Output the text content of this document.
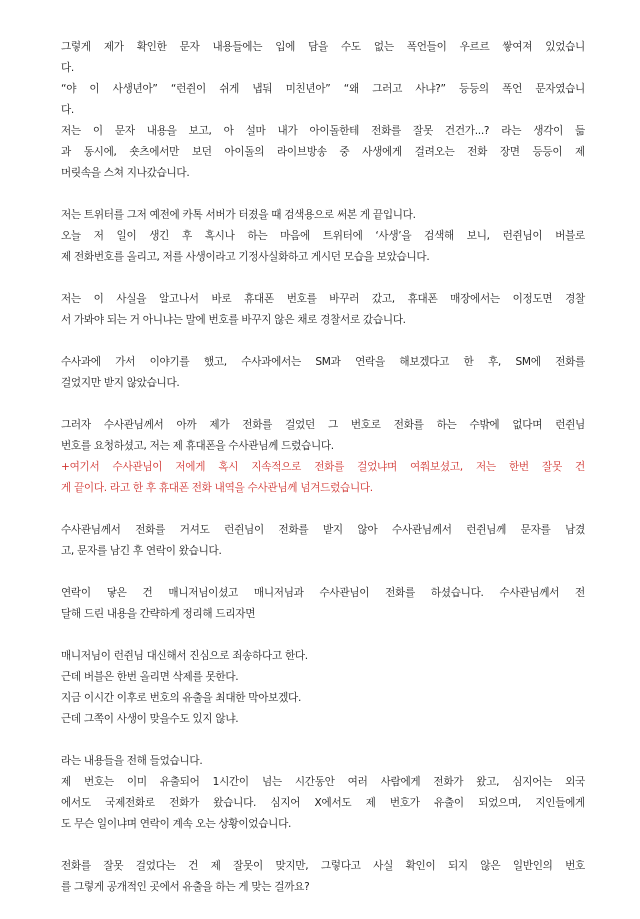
그렇게 제가 확인한 문자 내용들에는 입에 담을 수도 없는 폭언들이 우르르 쌓여져 있었습니
다.
“야 이 사생년아” “런쥔이 쉬게 냅둬 미친년아” “왜 그러고 사냐?” 등등의 폭언 문자였습니
다.
저는 이 문자 내용을 보고, 아 설마 내가 아이돌한테 전화를 잘못 건건가...? 라는 생각이 듦
과 동시에, 숏츠에서만 보던 아이돌의 라이브방송 중 사생에게 걸려오는 전화 장면 등등이 제
머릿속을 스쳐 지나갔습니다.
저는 트위터를 그저 예전에 카톡 서버가 터졌을 때 검색용으로 써본 게 끝입니다.
오늘 저 일이 생긴 후 혹시나 하는 마음에 트위터에 ‘사생’을 검색해 보니, 런쥔님이 버블로
제 전화번호를 올리고, 저를 사생이라고 기정사실화하고 게시던 모습을 보았습니다.
저는 이 사실을 알고나서 바로 휴대폰 번호를 바꾸러 갔고, 휴대폰 매장에서는 이정도면 경찰
서 가봐야 되는 거 아니냐는 말에 번호를 바꾸지 않은 채로 경찰서로 갔습니다.
수사과에 가서 이야기를 했고, 수사과에서는 SM과 연락을 해보겠다고 한 후, SM에 전화를
걸었지만 받지 않았습니다.
그러자 수사관님께서 아까 제가 전화를 걸었던 그 번호로 전화를 하는 수밖에 없다며 런쥔님
번호를 요청하셨고, 저는 제 휴대폰을 수사관님께 드렸습니다.
+여기서 수사관님이 저에게 혹시 지속적으로 전화를 걸었냐며 여쭤보셨고, 저는 한번 잘못 건
게 끝이다. 라고 한 후 휴대폰 전화 내역을 수사관님께 넘겨드렸습니다.
수사관님께서 전화를 거셔도 런쥔님이 전화를 받지 않아 수사관님께서 런쥔님께 문자를 남겼
고, 문자를 남긴 후 연락이 왔습니다.
연락이 닿은 건 매니저님이셨고 매니저님과 수사관님이 전화를 하셨습니다. 수사관님께서 전
달해 드린 내용을 간략하게 정리해 드리자면
매니저님이 런쥔님 대신해서 진심으로 죄송하다고 한다.
근데 버블은 한번 올리면 삭제를 못한다.
지금 이시간 이후로 번호의 유출을 최대한 막아보겠다.
근데 그쪽이 사생이 맞을수도 있지 않냐.
라는 내용들을 전해 들었습니다.
제 번호는 이미 유출되어 1시간이 넘는 시간동안 여러 사람에게 전화가 왔고, 심지어는 외국
에서도 국제전화로 전화가 왔습니다. 심지어 X에서도 제 번호가 유출이 되었으며, 지인들에게
도 무슨 일이냐며 연락이 계속 오는 상황이었습니다.
전화를 잘못 걸었다는 건 제 잘못이 맞지만, 그렇다고 사실 확인이 되지 않은 일반인의 번호
를 그렇게 공개적인 곳에서 유출을 하는 게 맞는 걸까요?
